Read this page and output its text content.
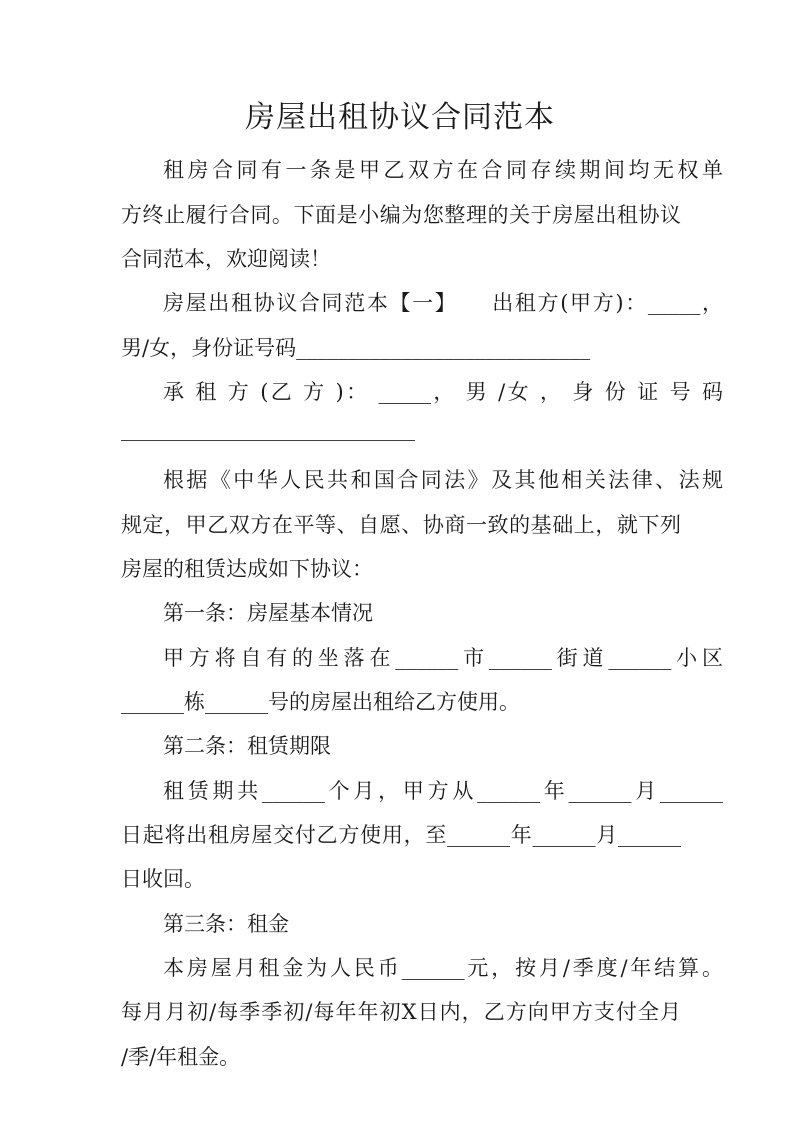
房屋出租协议合同范本

租房合同有一条是甲乙双方在合同存续期间均无权单

方终止履行合同。下面是小编为您整理的关于房屋出租协议

合同范本，欢迎阅读！

房屋出租协议合同范本【一】　　出租方(甲方)：_____，

男/女，身份证号码____________________________

承 租 方 (乙 方 )： _____， 男 /女 ， 身 份 证 号 码

____________________________

根据《中华人民共和国合同法》及其他相关法律、法规

规定，甲乙双方在平等、自愿、协商一致的基础上，就下列

房屋的租赁达成如下协议：

第一条：房屋基本情况

甲方将自有的坐落在______市______街道______小区

______栋______号的房屋出租给乙方使用。

第二条：租赁期限

租赁期共______个月，甲方从______年______月______

日起将出租房屋交付乙方使用，至______年______月______

日收回。

第三条：租金

本房屋月租金为人民币______元，按月/季度/年结算。

每月月初/每季季初/每年年初X日内，乙方向甲方支付全月

/季/年租金。
